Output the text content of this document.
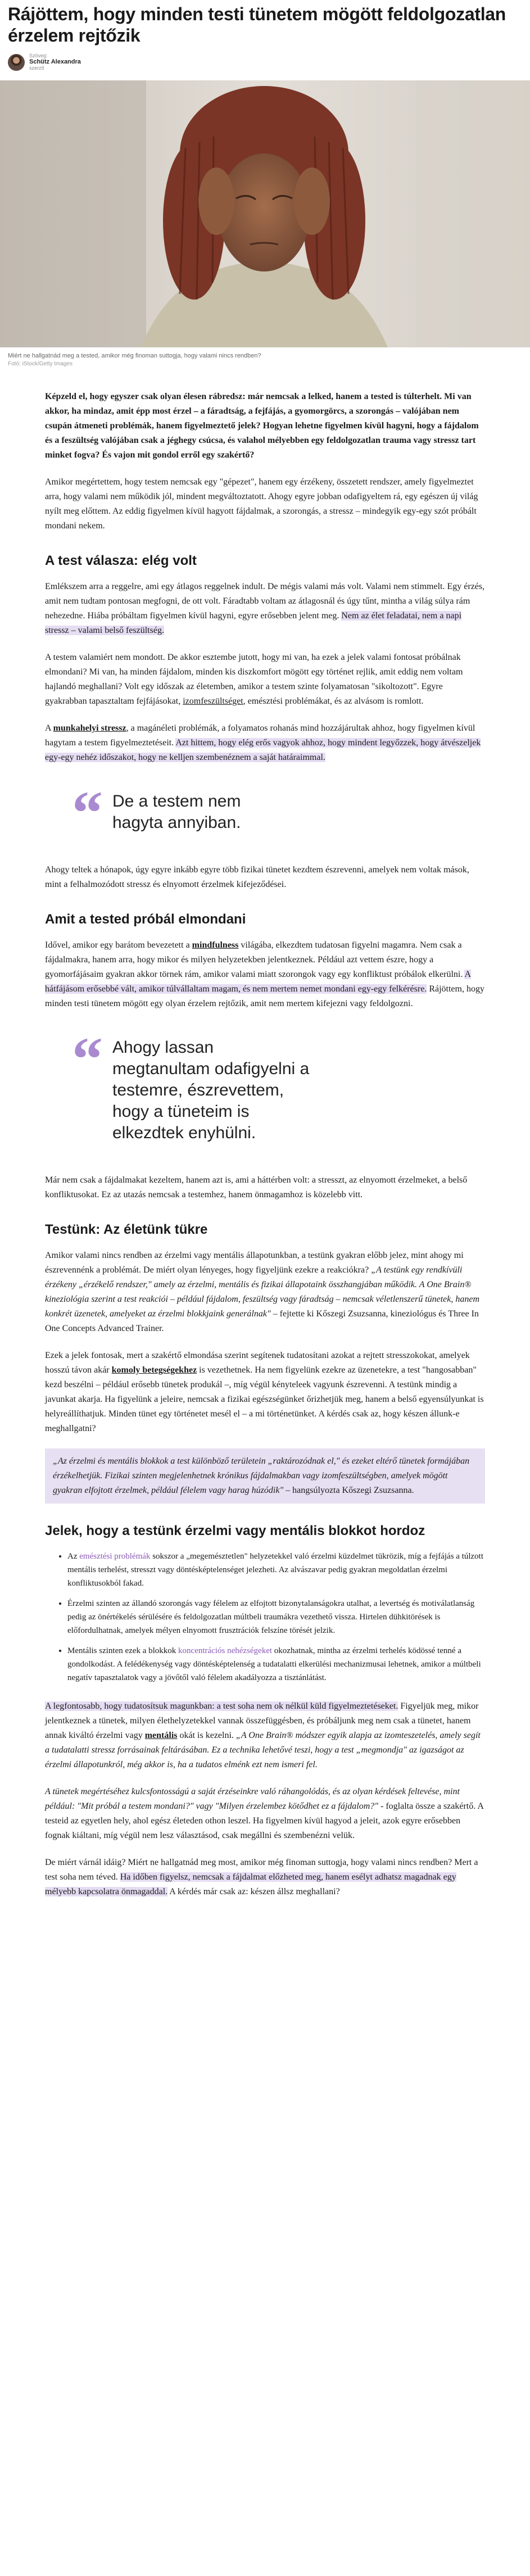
Rájöttem, hogy minden testi tünetem mögött feldolgozatlan érzelem rejtőzik
Szöveg:
Schütz Alexandra
szerző
Miért ne hallgatnád meg a tested, amikor még finoman suttogja, hogy valami nincs rendben?
Fotó: iStock/Getty Images

Képzeld el, hogy egyszer csak olyan élesen rábredsz: már nemcsak a lelked, hanem a tested is túlterhelt. Mi van akkor, ha mindaz, amit épp most érzel – a fáradtság, a fejfájás, a gyomorgörcs, a szorongás – valójában nem csupán átmeneti problémák, hanem figyelmeztető jelek? Hogyan lehetne figyelmen kívül hagyni, hogy a fájdalom és a feszültség valójában csak a jéghegy csúcsa, és valahol mélyebben egy feldolgozatlan trauma vagy stressz tart minket fogva? És vajon mit gondol erről egy szakértő?

Amikor megértettem, hogy testem nemcsak egy "gépezet", hanem egy érzékeny, összetett rendszer, amely figyelmeztet arra, hogy valami nem működik jól, mindent megváltoztatott. Ahogy egyre jobban odafigyeltem rá, egy egészen új világ nyílt meg előttem. Az eddig figyelmen kívül hagyott fájdalmak, a szorongás, a stressz – mindegyik egy-egy szót próbált mondani nekem.

A test válasza: elég volt

Emlékszem arra a reggelre, ami egy átlagos reggelnek indult. De mégis valami más volt. Valami nem stimmelt. Egy érzés, amit nem tudtam pontosan megfogni, de ott volt. Fáradtabb voltam az átlagosnál és úgy tűnt, mintha a világ súlya rám nehezedne. Hiába próbáltam figyelmen kívül hagyni, egyre erősebben jelent meg. Nem az élet feladatai, nem a napi stressz – valami belső feszültség.

A testem valamiért nem mondott. De akkor esztembe jutott, hogy mi van, ha ezek a jelek valami fontosat próbálnak elmondani? Mi van, ha minden fájdalom, minden kis diszkomfort mögött egy történet rejlik, amit eddig nem voltam hajlandó meghallani? Volt egy időszak az életemben, amikor a testem szinte folyamatosan "sikoltozott". Egyre gyakrabban tapasztaltam fejfájásokat, izomfeszültséget, emésztési problémákat, és az alvásom is romlott.

A munkahelyi stressz, a magánéleti problémák, a folyamatos rohanás mind hozzájárultak ahhoz, hogy figyelmen kívül hagytam a testem figyelmeztetéseit. Azt hittem, hogy elég erős vagyok ahhoz, hogy mindent legyőzzek, hogy átvészeljek egy-egy nehéz időszakot, hogy ne kelljen szembenéznem a saját határaimmal.

“ De a testem nem hagyta annyiban.

Ahogy teltek a hónapok, úgy egyre inkább egyre több fizikai tünetet kezdtem észrevenni, amelyek nem voltak mások, mint a felhalmozódott stressz és elnyomott érzelmek kifejeződései.

Amit a tested próbál elmondani

Idővel, amikor egy barátom bevezetett a mindfulness világába, elkezdtem tudatosan figyelni magamra. Nem csak a fájdalmakra, hanem arra, hogy mikor és milyen helyzetekben jelentkeznek. Például azt vettem észre, hogy a gyomorfájásaim gyakran akkor törnek rám, amikor valami miatt szorongok vagy egy konfliktust próbálok elkerülni. A hátfájásom erősebbé vált, amikor túlvállaltam magam, és nem mertem nemet mondani egy-egy felkérésre. Rájöttem, hogy minden testi tünetem mögött egy olyan érzelem rejtőzik, amit nem mertem kifejezni vagy feldolgozni.

“ Ahogy lassan megtanultam odafigyelni a testemre, észrevettem, hogy a tüneteim is elkezdtek enyhülni.

Már nem csak a fájdalmakat kezeltem, hanem azt is, ami a háttérben volt: a stresszt, az elnyomott érzelmeket, a belső konfliktusokat. Ez az utazás nemcsak a testemhez, hanem önmagamhoz is közelebb vitt.

Testünk: Az életünk tükre

Amikor valami nincs rendben az érzelmi vagy mentális állapotunkban, a testünk gyakran előbb jelez, mint ahogy mi észrevennénk a problémát. De miért olyan lényeges, hogy figyeljünk ezekre a reakciókra? „A testünk egy rendkívüli érzékeny „érzékelő rendszer," amely az érzelmi, mentális és fizikai állapotaink összhangjában működik. A One Brain® kineziológia szerint a test reakciói – például fájdalom, feszültség vagy fáradtság – nemcsak véletlenszerű tünetek, hanem konkrét üzenetek, amelyeket az érzelmi blokkjaink generálnak" – fejtette ki Kőszegi Zsuzsanna, kineziológus és Three In One Concepts Advanced Trainer.

Ezek a jelek fontosak, mert a szakértő elmondása szerint segítenek tudatosítani azokat a rejtett stresszokokat, amelyek hosszú távon akár komoly betegségekhez is vezethetnek. Ha nem figyelünk ezekre az üzenetekre, a test "hangosabban" kezd beszélni – például erősebb tünetek produkál –, míg végül kényteleek vagyunk észrevenni. A testünk mindig a javunkat akarja. Ha figyelünk a jeleire, nemcsak a fizikai egészségünket őrizhetjük meg, hanem a belső egyensúlyunkat is helyreállíthatjuk. Minden tünet egy történetet mesél el – a mi történetünket. A kérdés csak az, hogy készen állunk-e meghallgatni?

„Az érzelmi és mentális blokkok a test különböző területein „raktározódnak el," és ezeket eltérő tünetek formájában érzékelhetjük. Fizikai szinten megjelenhetnek krónikus fájdalmakban vagy izomfeszültségben, amelyek mögött gyakran elfojtott érzelmek, például félelem vagy harag húzódik" – hangsúlyozta Kőszegi Zsuzsanna.
Jelek, hogy a testünk érzelmi vagy mentális blokkot hordoz
• Az emésztési problémák sokszor a „megemésztetlen" helyzetekkel való érzelmi küzdelmet tükrözik, míg a fejfájás a túlzott mentális terhelést, stresszt vagy döntésképtelenséget jelezheti. Az alvászavar pedig gyakran megoldatlan érzelmi konfliktusokból fakad.
• Érzelmi szinten az állandó szorongás vagy félelem az elfojtott bizonytalanságokra utalhat, a levertség és motiválatlanság pedig az önértékelés sérülésére és feldolgozatlan múltbeli traumákra vezethető vissza. Hirtelen dühkitörések is előfordulhatnak, amelyek mélyen elnyomott frusztrációk felszíne törését jelzik.
• Mentális szinten ezek a blokkok koncentrációs nehézségeket okozhatnak, mintha az érzelmi terhelés ködössé tenné a gondolkodást. A felédékenység vagy döntésképtelenség a tudatalatti elkerülési mechanizmusai lehetnek, amikor a múltbeli negatív tapasztalatok vagy a jövőtől való félelem akadályozza a tisztánlátást.

A legfontosabb, hogy tudatosítsuk magunkban: a test soha nem ok nélkül küld figyelmeztetéseket. Figyeljük meg, mikor jelentkeznek a tünetek, milyen élethelyzetekkel vannak összefüggésben, és próbáljunk meg nem csak a tünetet, hanem annak kiváltó érzelmi vagy mentális okát is kezelni. „A One Brain® módszer egyik alapja az izomteszetelés, amely segít a tudatalatti stressz forrásainak feltárásában. Ez a technika lehetővé teszi, hogy a test „megmondja" az igazságot az érzelmi állapotunkról, még akkor is, ha a tudatos elménk ezt nem ismeri fel.

A tünetek megértéséhez kulcsfontosságú a saját érzéseinkre való ráhangolódás, és az olyan kérdések feltevése, mint például: "Mit próbál a testem mondani?" vagy "Milyen érzelembez kötődhet ez a fájdalom?" - foglalta össze a szakértő. A testeid az egyetlen hely, ahol egész életeden othon leszel. Ha figyelmen kívül hagyod a jeleit, azok egyre erősebben fognak kiáltani, míg végül nem lesz választásod, csak megállni és szembenézni velük.

De miért várnál idáig? Miért ne hallgatnád meg most, amikor még finoman suttogja, hogy valami nincs rendben? Mert a test soha nem téved. Ha időben figyelsz, nemcsak a fájdalmat előzheted meg, hanem esélyt adhatsz magadnak egy mélyebb kapcsolatra önmagaddal. A kérdés már csak az: készen állsz meghallani?
